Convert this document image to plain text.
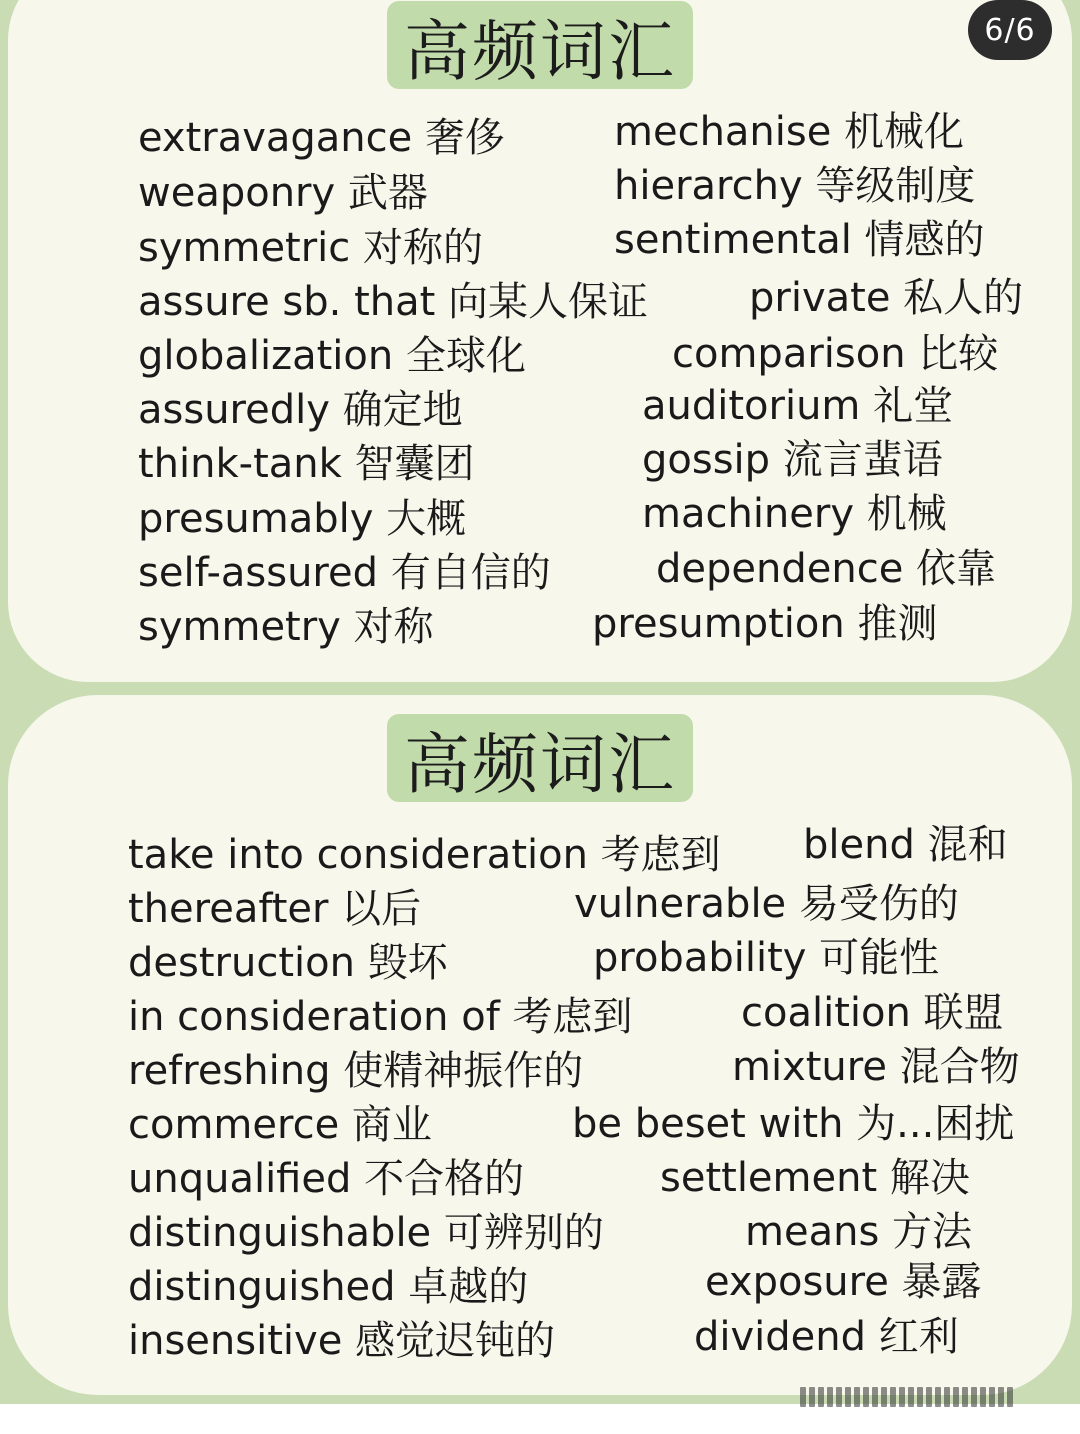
高频词汇
高频词汇
extravagance 奢侈
weaponry 武器
symmetric 对称的
assure sb. that 向某人保证
globalization 全球化
assuredly 确定地
think-tank 智囊团
presumably 大概
self-assured 有自信的
symmetry 对称
mechanise 机械化
hierarchy 等级制度
sentimental 情感的
private 私人的
comparison 比较
auditorium 礼堂
gossip 流言蜚语
machinery 机械
dependence 依靠
presumption 推测
take into consideration 考虑到
thereafter 以后
destruction 毁坏
in consideration of 考虑到
refreshing 使精神振作的
commerce 商业
unqualified 不合格的
distinguishable 可辨别的
distinguished 卓越的
insensitive 感觉迟钝的
blend 混和
vulnerable 易受伤的
probability 可能性
coalition 联盟
mixture 混合物
be beset with 为...困扰
settlement 解决
means 方法
exposure 暴露
dividend 红利
6/6
